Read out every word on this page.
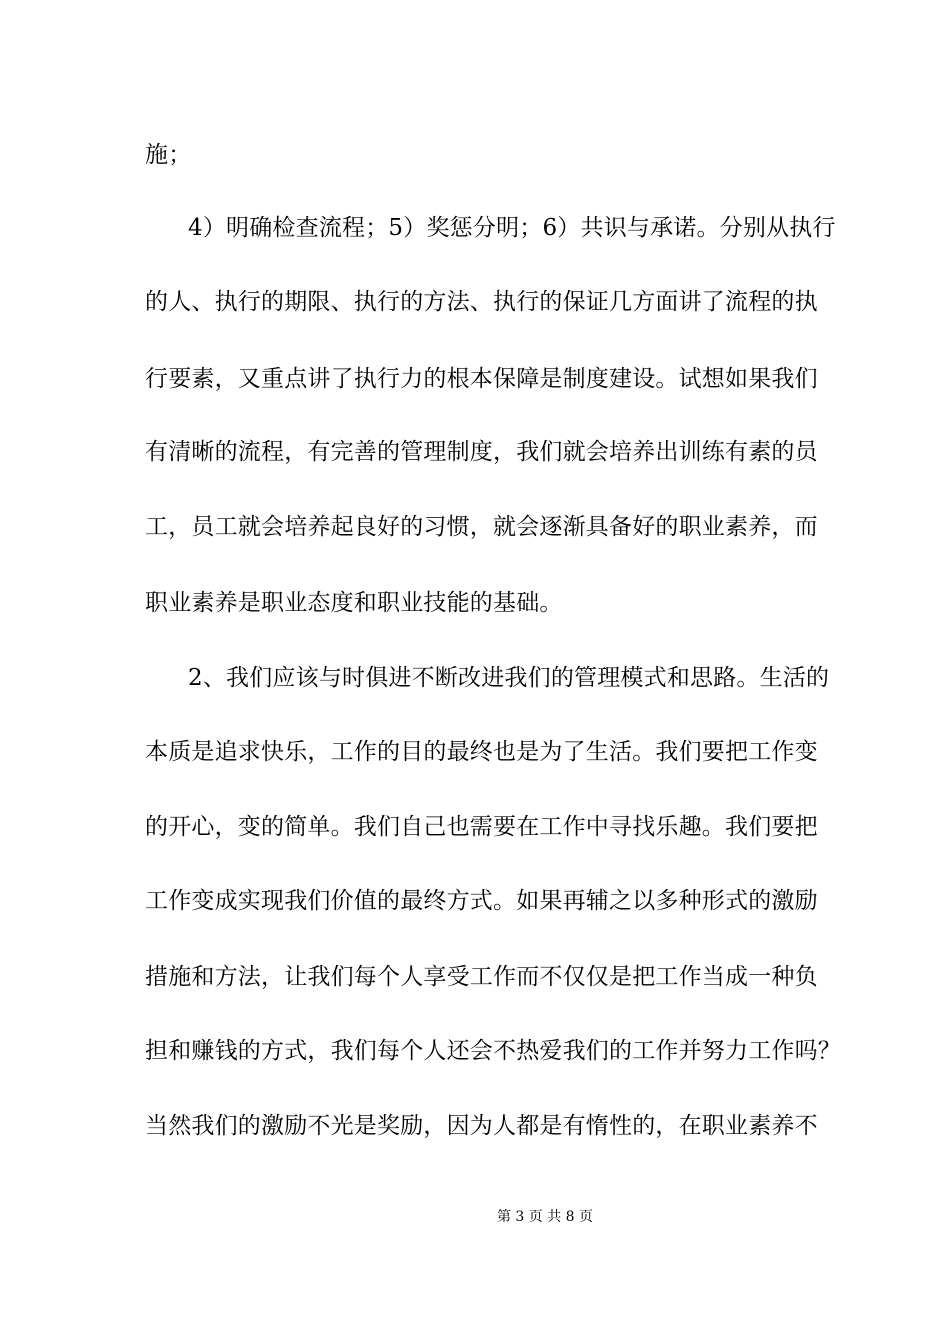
施；
4）明确检查流程；5）奖惩分明；6）共识与承诺。分别从执行
的人、执行的期限、执行的方法、执行的保证几方面讲了流程的执
行要素，又重点讲了执行力的根本保障是制度建设。试想如果我们
有清晰的流程，有完善的管理制度，我们就会培养出训练有素的员
工，员工就会培养起良好的习惯，就会逐渐具备好的职业素养，而
职业素养是职业态度和职业技能的基础。
2、我们应该与时俱进不断改进我们的管理模式和思路。生活的
本质是追求快乐，工作的目的最终也是为了生活。我们要把工作变
的开心，变的简单。我们自己也需要在工作中寻找乐趣。我们要把
工作变成实现我们价值的最终方式。如果再辅之以多种形式的激励
措施和方法，让我们每个人享受工作而不仅仅是把工作当成一种负
担和赚钱的方式，我们每个人还会不热爱我们的工作并努力工作吗？
当然我们的激励不光是奖励，因为人都是有惰性的，在职业素养不
第 3 页 共 8 页
